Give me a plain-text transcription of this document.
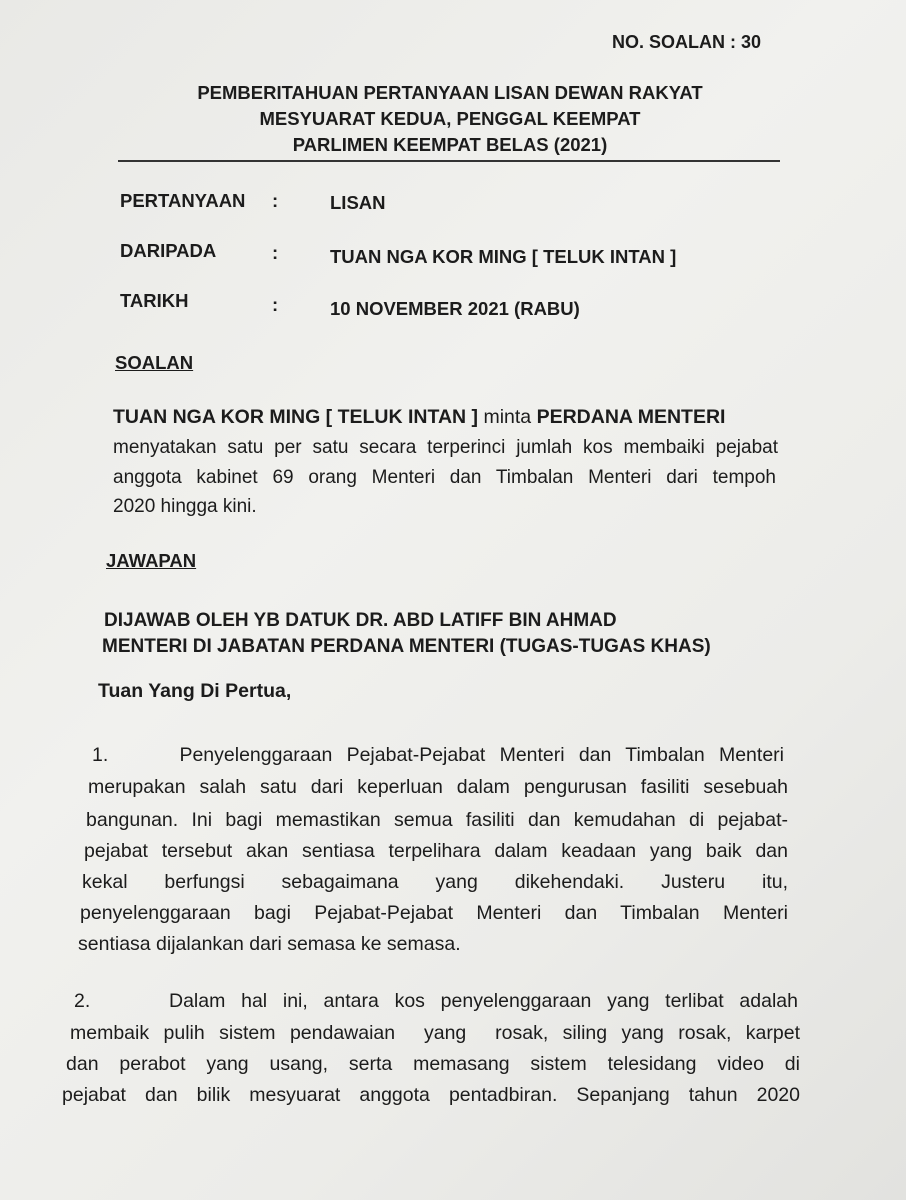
NO. SOALAN : 30
PEMBERITAHUAN PERTANYAAN LISAN DEWAN RAKYAT
MESYUARAT KEDUA, PENGGAL KEEMPAT
PARLIMEN KEEMPAT BELAS (2021)
PERTANYAAN :	LISAN
DARIPADA	:	TUAN NGA KOR MING [ TELUK INTAN ]
TARIKH	:	10 NOVEMBER 2021 (RABU)
SOALAN
TUAN NGA KOR MING [ TELUK INTAN ] minta PERDANA MENTERI
menyatakan satu per satu secara terperinci jumlah kos membaiki pejabat
anggota kabinet 69 orang Menteri dan Timbalan Menteri dari tempoh
2020 hingga kini.
JAWAPAN
DIJAWAB OLEH YB DATUK DR. ABD LATIFF BIN AHMAD
MENTERI DI JABATAN PERDANA MENTERI (TUGAS-TUGAS KHAS)
Tuan Yang Di Pertua,
1.     Penyelenggaraan Pejabat-Pejabat Menteri dan Timbalan Menteri
merupakan salah satu dari keperluan dalam pengurusan fasiliti sesebuah
bangunan. Ini bagi memastikan semua fasiliti dan kemudahan di pejabat-
pejabat tersebut akan sentiasa terpelihara dalam keadaan yang baik dan
kekal berfungsi sebagaimana yang dikehendaki. Justeru itu,
penyelenggaraan bagi Pejabat-Pejabat Menteri dan Timbalan Menteri
sentiasa dijalankan dari semasa ke semasa.
2.     Dalam hal ini, antara kos penyelenggaraan yang terlibat adalah
membaik pulih sistem pendawaian  yang  rosak, siling yang rosak, karpet
dan perabot yang usang, serta memasang sistem telesidang video di
pejabat dan bilik mesyuarat anggota pentadbiran. Sepanjang tahun 2020
